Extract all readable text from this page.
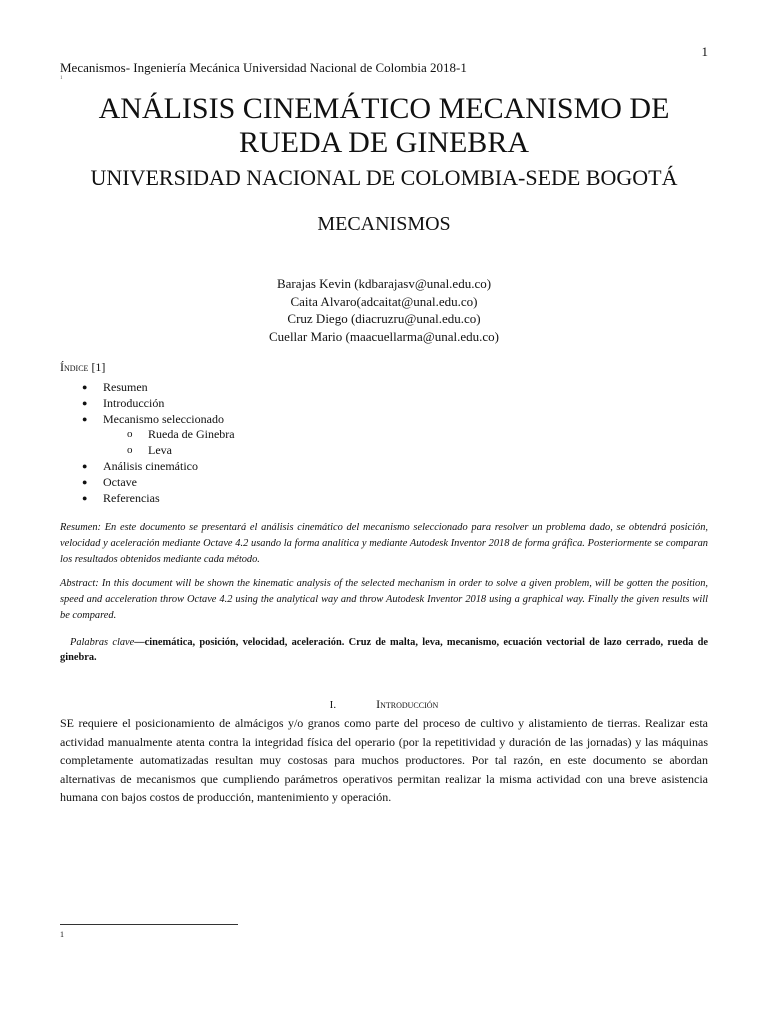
1
Mecanismos- Ingeniería Mecánica Universidad Nacional de Colombia 2018-1
1
ANÁLISIS CINEMÁTICO MECANISMO DE
RUEDA DE GINEBRA
UNIVERSIDAD NACIONAL DE COLOMBIA-SEDE BOGOTÁ
MECANISMOS
Barajas Kevin (kdbarajasv@unal.edu.co)
Caita Alvaro(adcaitat@unal.edu.co)
Cruz Diego (diacruzru@unal.edu.co)
Cuellar Mario (maacuellarma@unal.edu.co)
Índice [1]
● Resumen
● Introducción
● Mecanismo seleccionado
o Rueda de Ginebra
o Leva
● Análisis cinemático
● Octave
● Referencias
Resumen: En este documento se presentará el análisis cinemático del mecanismo seleccionado para resolver un problema dado, se obtendrá posición, velocidad y aceleración mediante Octave 4.2 usando la forma analítica y mediante Autodesk Inventor 2018 de forma gráfica. Posteriormente se comparan los resultados obtenidos mediante cada método.
Abstract: In this document will be shown the kinematic analysis of the selected mechanism in order to solve a given problem, will be gotten the position, speed and acceleration throw Octave 4.2 using the analytical way and throw Autodesk Inventor 2018 using a graphical way. Finally the given results will be compared.
Palabras clave—cinemática, posición, velocidad, aceleración. Cruz de malta, leva, mecanismo, ecuación vectorial de lazo cerrado, rueda de ginebra.
I.	Introducción
SE requiere el posicionamiento de almácigos y/o granos como parte del proceso de cultivo y alistamiento de tierras. Realizar esta actividad manualmente atenta contra la integridad física del operario (por la repetitividad y duración de las jornadas) y las máquinas completamente automatizadas resultan muy costosas para muchos productores. Por tal razón, en este documento se abordan alternativas de mecanismos que cumpliendo parámetros operativos permitan realizar la misma actividad con una breve asistencia humana con bajos costos de producción, mantenimiento y operación.
1
